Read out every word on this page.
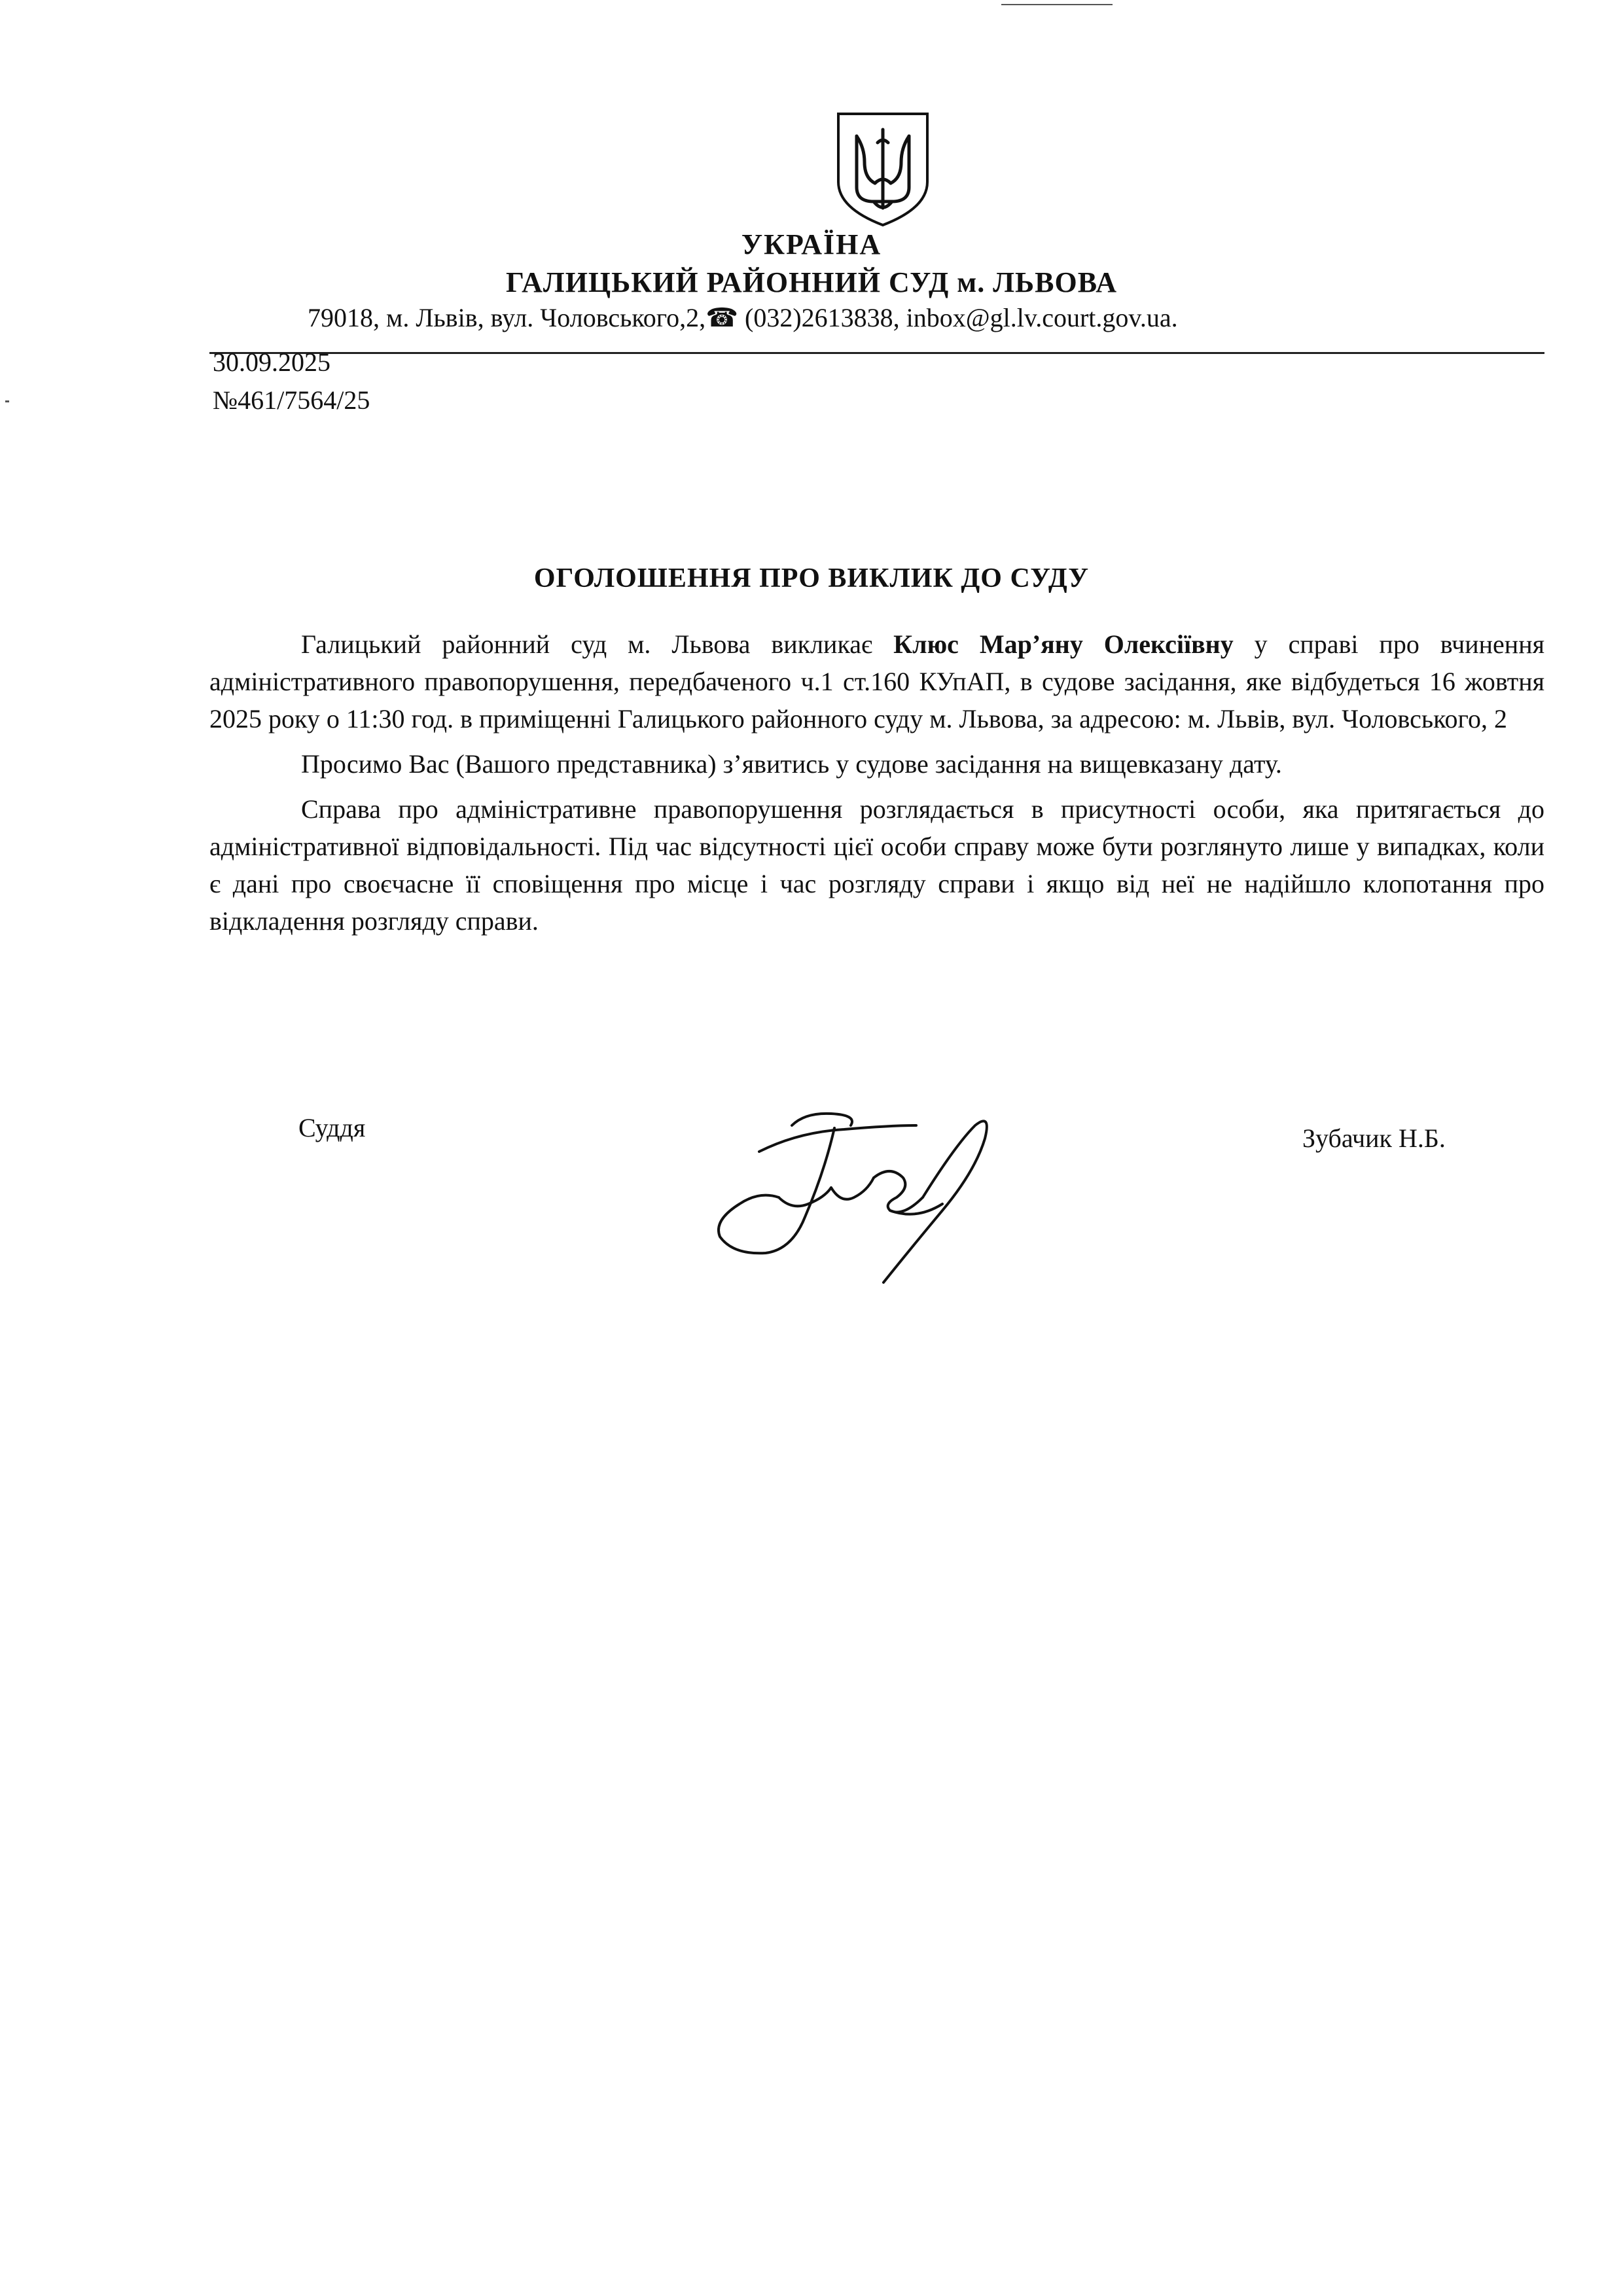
УКРАЇНА
ГАЛИЦЬКИЙ РАЙОННИЙ СУД м. ЛЬВОВА
79018, м. Львів, вул. Чоловського,2,☎ (032)2613838, inbox@gl.lv.court.gov.ua.
30.09.2025
№461/7564/25
ОГОЛОШЕННЯ ПРО ВИКЛИК ДО СУДУ

Галицький районний суд м. Львова викликає Клюс Мар’яну Олексіївну у справі про вчинення адміністративного правопорушення, передбаченого ч.1 ст.160 КУпАП, в судове засідання, яке відбудеться 16 жовтня 2025 року о 11:30 год. в приміщенні Галицького районного суду м. Львова, за адресою: м. Львів, вул. Чоловського, 2

Просимо Вас (Вашого представника) з’явитись у судове засідання на вищевказану дату.

Справа про адміністративне правопорушення розглядається в присутності особи, яка притягається до адміністративної відповідальності. Під час відсутності цієї особи справу може бути розглянуто лише у випадках, коли є дані про своєчасне її сповіщення про місце і час розгляду справи і якщо від неї не надійшло клопотання про відкладення розгляду справи.

Суддя	Зубачик Н.Б.
